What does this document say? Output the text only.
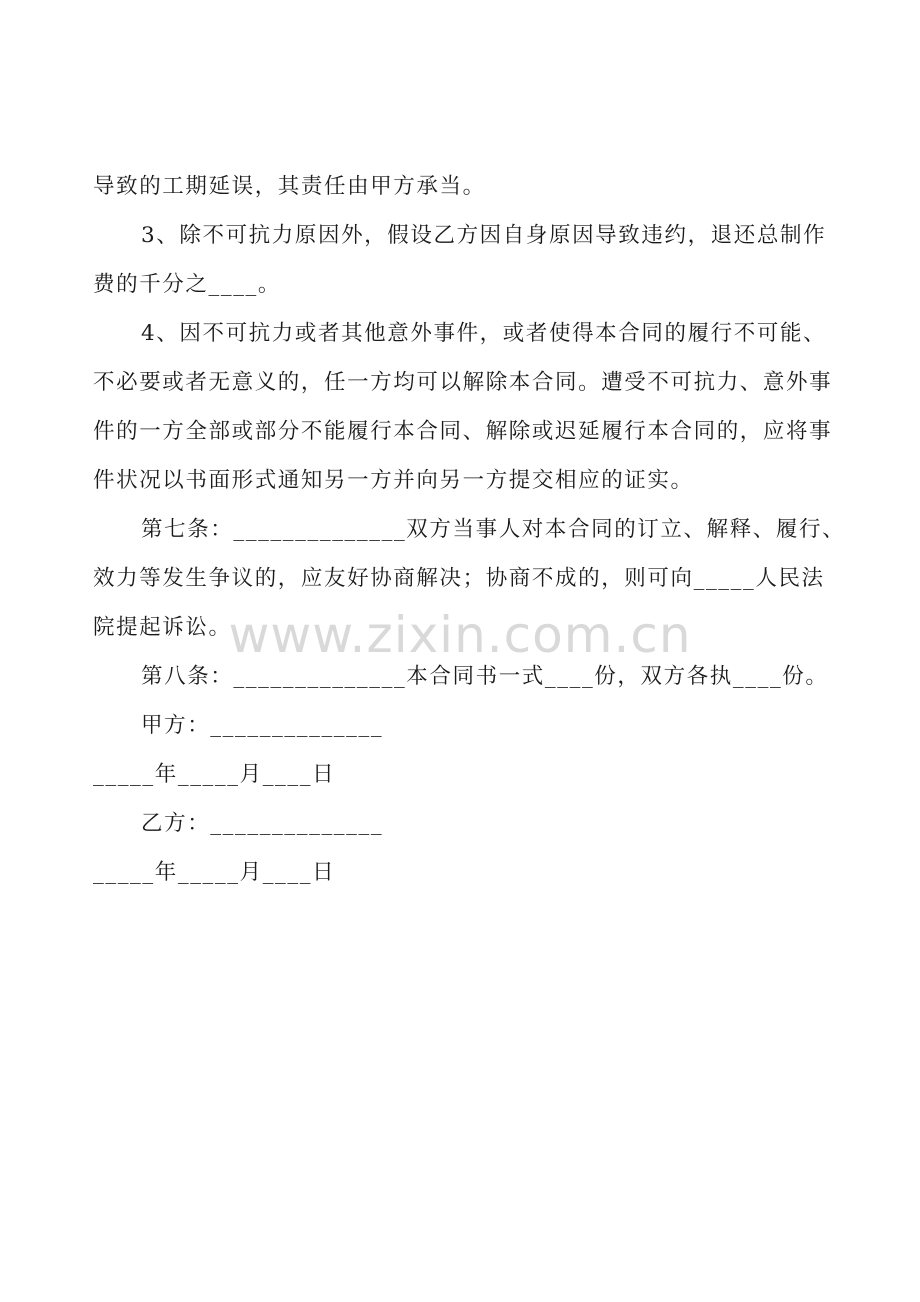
www.zixin.com.cn
导致的工期延误，其责任由甲方承当。
3、除不可抗力原因外，假设乙方因自身原因导致违约，退还总制作
费的千分之____。
4、因不可抗力或者其他意外事件，或者使得本合同的履行不可能、
不必要或者无意义的，任一方均可以解除本合同。遭受不可抗力、意外事
件的一方全部或部分不能履行本合同、解除或迟延履行本合同的，应将事
件状况以书面形式通知另一方并向另一方提交相应的证实。
第七条：______________双方当事人对本合同的订立、解释、履行、
效力等发生争议的，应友好协商解决；协商不成的，则可向_____人民法
院提起诉讼。
第八条：______________本合同书一式____份，双方各执____份。
甲方：______________
_____年_____月____日
乙方：______________
_____年_____月____日
